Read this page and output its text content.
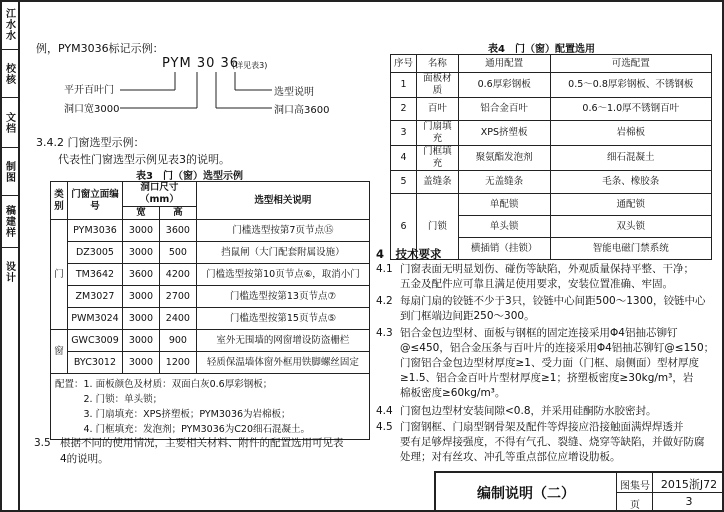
江水水
校核
文档
制图
稿建样
设计
例，PYM3036标记示例：
PYM 30 36
(详见表3)
平开百叶门
洞口宽3000
选型说明
洞口高3600
3.4.2 门窗选型示例：
代表性门窗选型示例见表3的说明。
表3　门（窗）选型示例
类别	门窗立面编号	洞口尺寸（mm）		选型相关说明
		宽	高	
门	PYM3036	3000	3600	门槛选型按第7页节点⑮
	DZ3005	3000	500	挡鼠闸（大门配套附属设施）
	TM3642	3600	4200	门槛选型按第10页节点⑥，取消小门
	ZM3027	3000	2700	门槛选型按第13页节点⑦
	PWM3024	3000	2400	门槛选型按第15页节点⑤
窗	GWC3009	3000	900	室外无围墙的网窗增设防盗栅栏
	BYC3012	3000	1200	轻质保温墙体窗外框用铁脚螺丝固定

配置：1. 面板颜色及材质：双面白灰0.6厚彩钢板；
　　　2. 门锁：单头锁；
　　　3. 门扇填充：XPS挤塑板；PYM3036为岩棉板；
　　　4. 门框填充：发泡剂；PYM3036为C20细石混凝土。				
3.5 根据不同的使用情况，主要相关材料、附件的配置选用可见表
4的说明。
表4　门（窗）配置选用
序号	名称	通用配置	可选配置
1	面板材质	0.6厚彩钢板	0.5～0.8厚彩钢板、不锈钢板
2	百叶	铝合金百叶	0.6～1.0厚不锈钢百叶
3	门扇填充	XPS挤塑板	岩棉板
4	门框填充	聚氨酯发泡剂	细石混凝土
5	盖缝条	无盖缝条	毛条、橡胶条
6	门锁	单配锁	通配锁
		单头锁	双头锁
		横插销（挂锁）	智能电磁门禁系统
4　技术要求
4.1 门窗表面无明显划伤、碰伤等缺陷，外观质量保持平整、干净；
五金及配件应可靠且满足使用要求，安装位置准确、牢固。
4.2 每扇门扇的铰链不少于3只，铰链中心间距500～1300，铰链中心
到门框端边间距250～300。
4.3 铝合金包边型材、面板与钢框的固定连接采用Φ4铝抽芯铆钉
@≤450，铝合金压条与百叶片的连接采用Φ4铝抽芯铆钉@≤150；
门窗铝合金包边型材厚度≥1、受力面（门框、扇侧面）型材厚度
≥1.5、铝合金百叶片型材厚度≥1；挤塑板密度≥30kg/m³，岩
棉板密度≥60kg/m³。
4.4 门窗包边型材安装间隙<0.8，并采用硅酮防水胶密封。
4.5 门窗钢框、门扇型钢骨架及配件等焊接应沿接触面满焊焊透并
要有足够焊接强度，不得有气孔、裂缝、烧穿等缺陷，并做好防腐
处理；对有丝攻、冲孔等重点部位应增设肋板。
编制说明（二）	图集号 2015浙J72
页	3
